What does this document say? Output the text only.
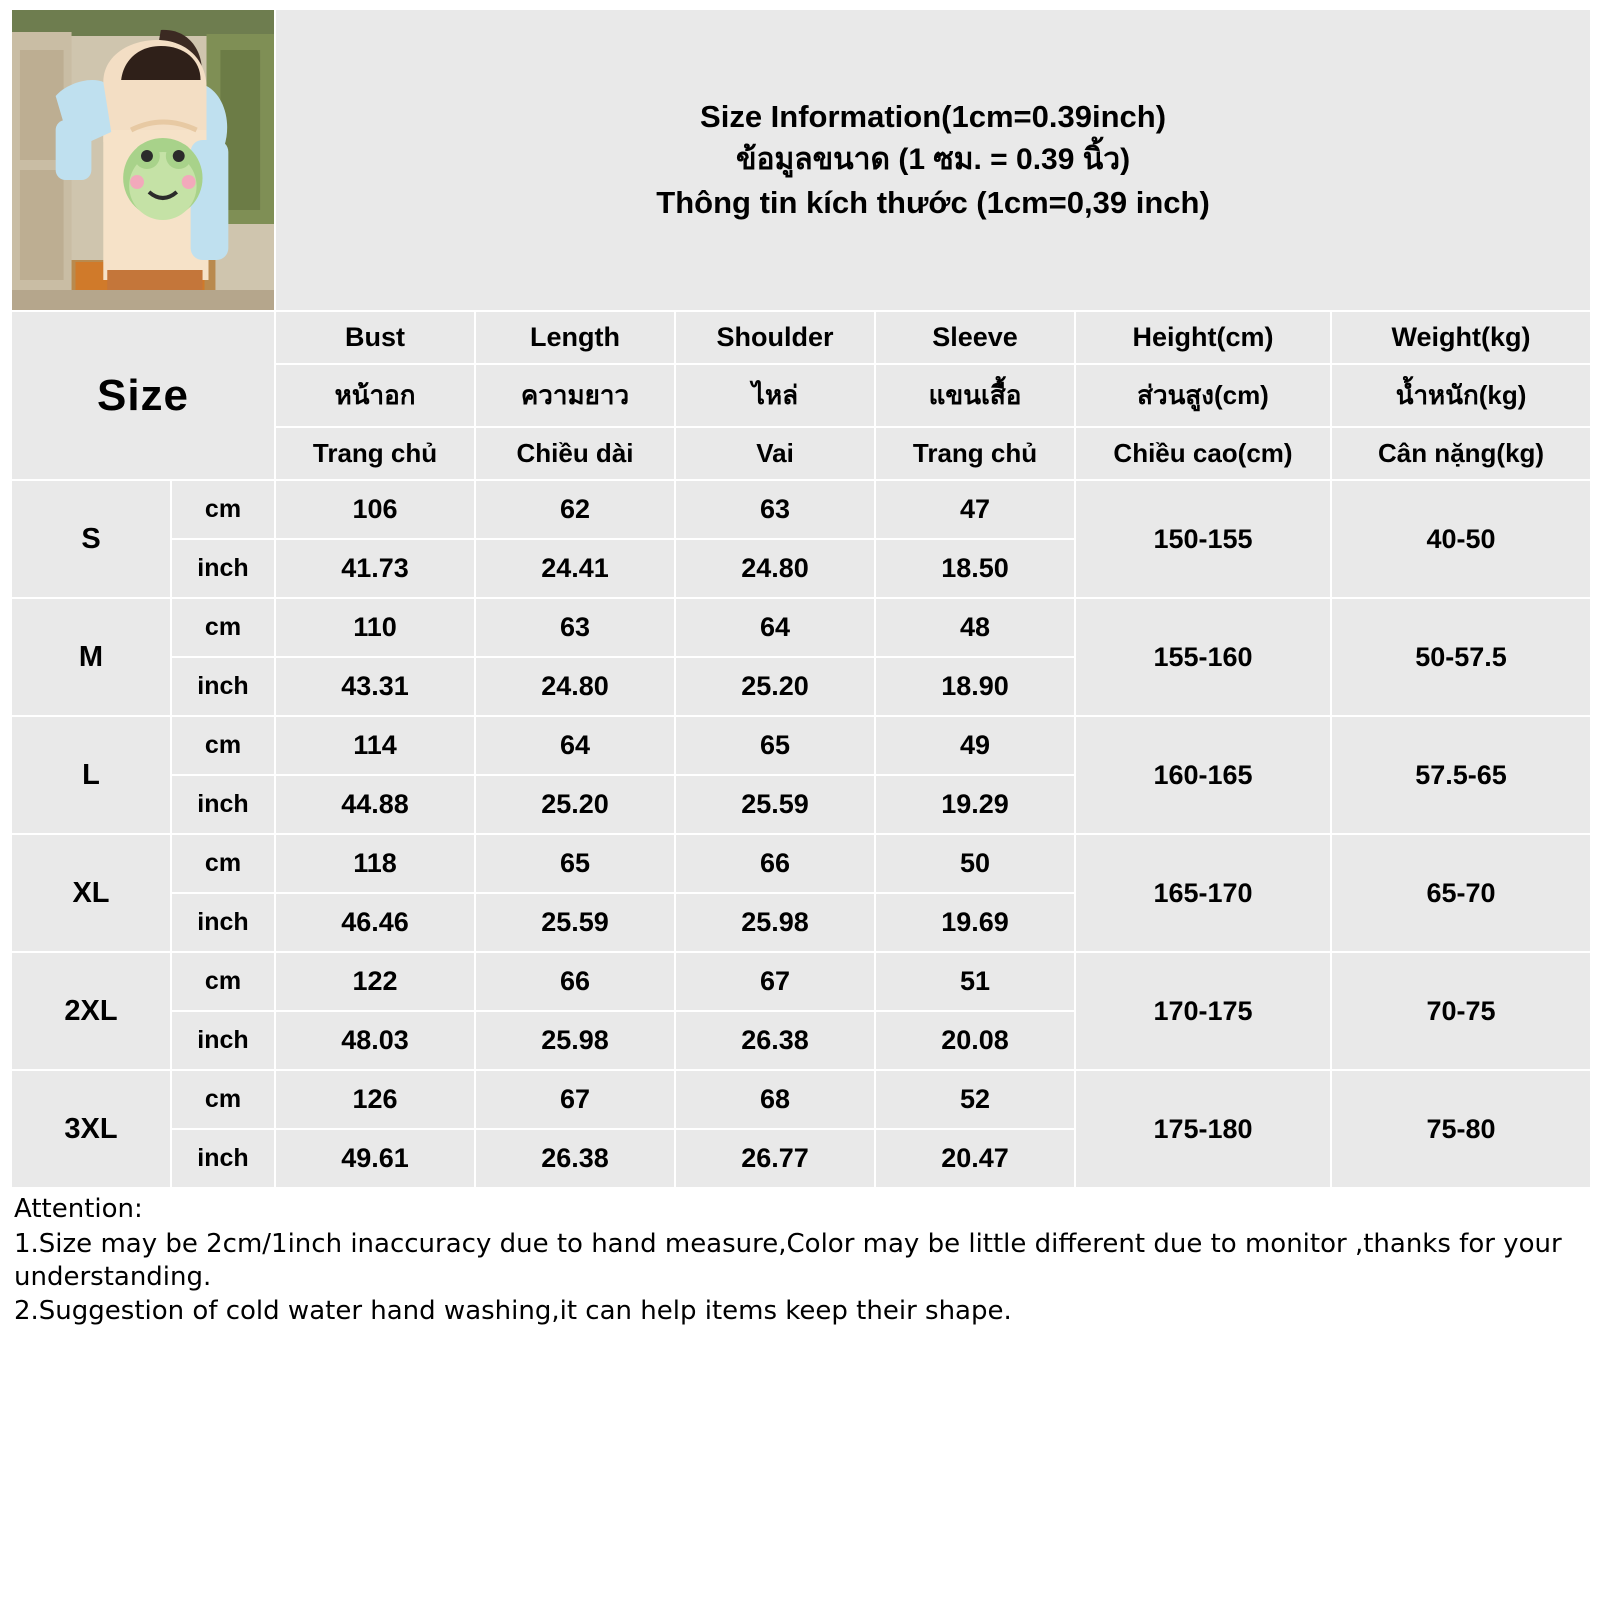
Size Information(1cm=0.39inch)
ข้อมูลขนาด (1 ซม. = 0.39 นิ้ว)
Thông tin kích thước (1cm=0,39 inch)					

Size		Bust	Length	Shoulder	Sleeve	Height(cm)	Weight(kg)
		หน้าอก	ความยาว	ไหล่	แขนเสื้อ	ส่วนสูง(cm)	น้ำหนัก(kg)
		Trang chủ	Chiều dài	Vai	Trang chủ	Chiều cao(cm)	Cân nặng(kg)
S	cm	106	62	63	47	150-155	40-50
	inch	41.73	24.41	24.80	18.50		
M	cm	110	63	64	48	155-160	50-57.5
	inch	43.31	24.80	25.20	18.90		
L	cm	114	64	65	49	160-165	57.5-65
	inch	44.88	25.20	25.59	19.29		
XL	cm	118	65	66	50	165-170	65-70
	inch	46.46	25.59	25.98	19.69		
2XL	cm	122	66	67	51	170-175	70-75
	inch	48.03	25.98	26.38	20.08		
3XL	cm	126	67	68	52	175-180	75-80
	inch	49.61	26.38	26.77	20.47		
Attention:
1.Size may be 2cm/1inch inaccuracy due to hand measure,Color may be little different due to monitor ,thanks for your understanding.
2.Suggestion of cold water hand washing,it can help items keep their shape.
